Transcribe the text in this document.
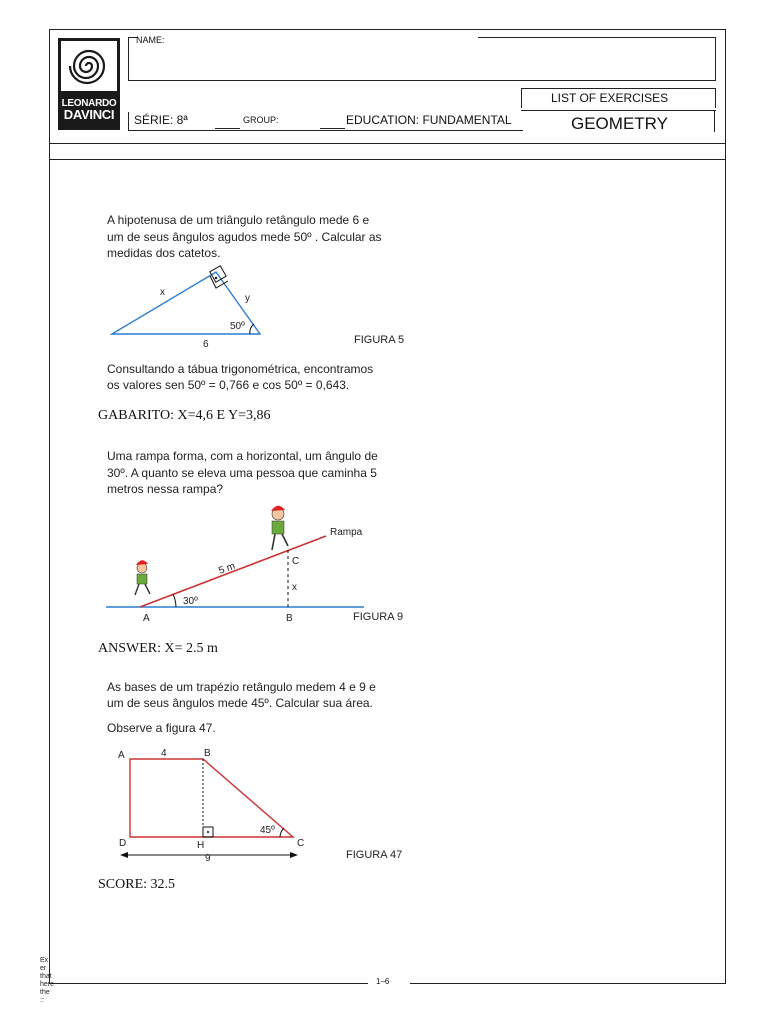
LEONARDO
DAVINCI
NAME:
SÉRIE: 8ª	GROUP:	EDUCATION: FUNDAMENTAL
LIST OF EXERCISES
GEOMETRY
A hipotenusa de um triângulo retângulo mede 6 e
um de seus ângulos agudos mede 50º . Calcular as
medidas dos catetos.
x
y
50º
6	FIGURA 5
Consultando a tábua trigonométrica, encontramos
os valores sen 50º = 0,766 e cos 50º = 0,643.
GABARITO: X=4,6 E Y=3,86
Uma rampa forma, com a horizontal, um ângulo de
30º. A quanto se eleva uma pessoa que caminha 5
metros nessa rampa?
Rampa
C
x
5 m
30º
A	B	FIGURA 9
ANSWER: X= 2.5 m
As bases de um trapézio retângulo medem 4 e 9 e
um de seus ângulos mede 45º. Calcular sua área.
Observe a figura 47.
A	4	B
D	H	C
45º
9	FIGURA 47
SCORE: 32.5
Ex
er
that
here
the
::
1–6
